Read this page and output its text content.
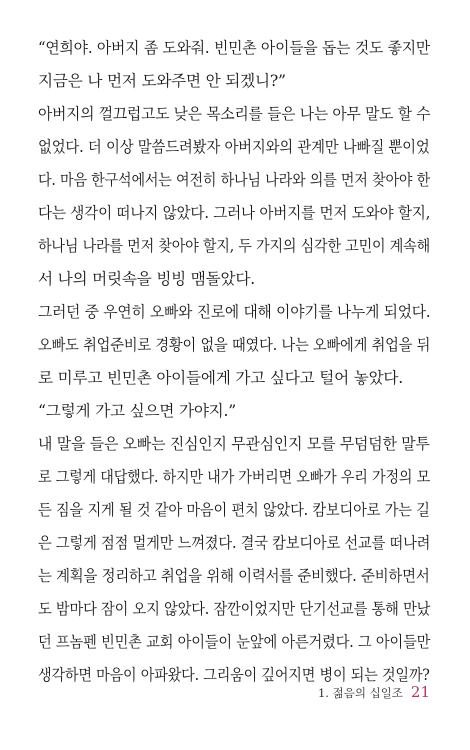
“연희야. 아버지 좀 도와줘. 빈민촌 아이들을 돕는 것도 좋지만
지금은 나 먼저 도와주면 안 되겠니?”
아버지의 껄끄럽고도 낮은 목소리를 들은 나는 아무 말도 할 수
없었다. 더 이상 말씀드려봤자 아버지와의 관계만 나빠질 뿐이었
다. 마음 한구석에서는 여전히 하나님 나라와 의를 먼저 찾아야 한
다는 생각이 떠나지 않았다. 그러나 아버지를 먼저 도와야 할지,
하나님 나라를 먼저 찾아야 할지, 두 가지의 심각한 고민이 계속해
서 나의 머릿속을 빙빙 맴돌았다.
그러던 중 우연히 오빠와 진로에 대해 이야기를 나누게 되었다.
오빠도 취업준비로 경황이 없을 때였다. 나는 오빠에게 취업을 뒤
로 미루고 빈민촌 아이들에게 가고 싶다고 털어 놓았다.
“그렇게 가고 싶으면 가야지.”
내 말을 들은 오빠는 진심인지 무관심인지 모를 무덤덤한 말투
로 그렇게 대답했다. 하지만 내가 가버리면 오빠가 우리 가정의 모
든 짐을 지게 될 것 같아 마음이 편치 않았다. 캄보디아로 가는 길
은 그렇게 점점 멀게만 느껴졌다. 결국 캄보디아로 선교를 떠나려
는 계획을 정리하고 취업을 위해 이력서를 준비했다. 준비하면서
도 밤마다 잠이 오지 않았다. 잠깐이었지만 단기선교를 통해 만났
던 프놈펜 빈민촌 교회 아이들이 눈앞에 아른거렸다. 그 아이들만
생각하면 마음이 아파왔다. 그리움이 깊어지면 병이 되는 것일까?
1. 젊음의 십일조 21
